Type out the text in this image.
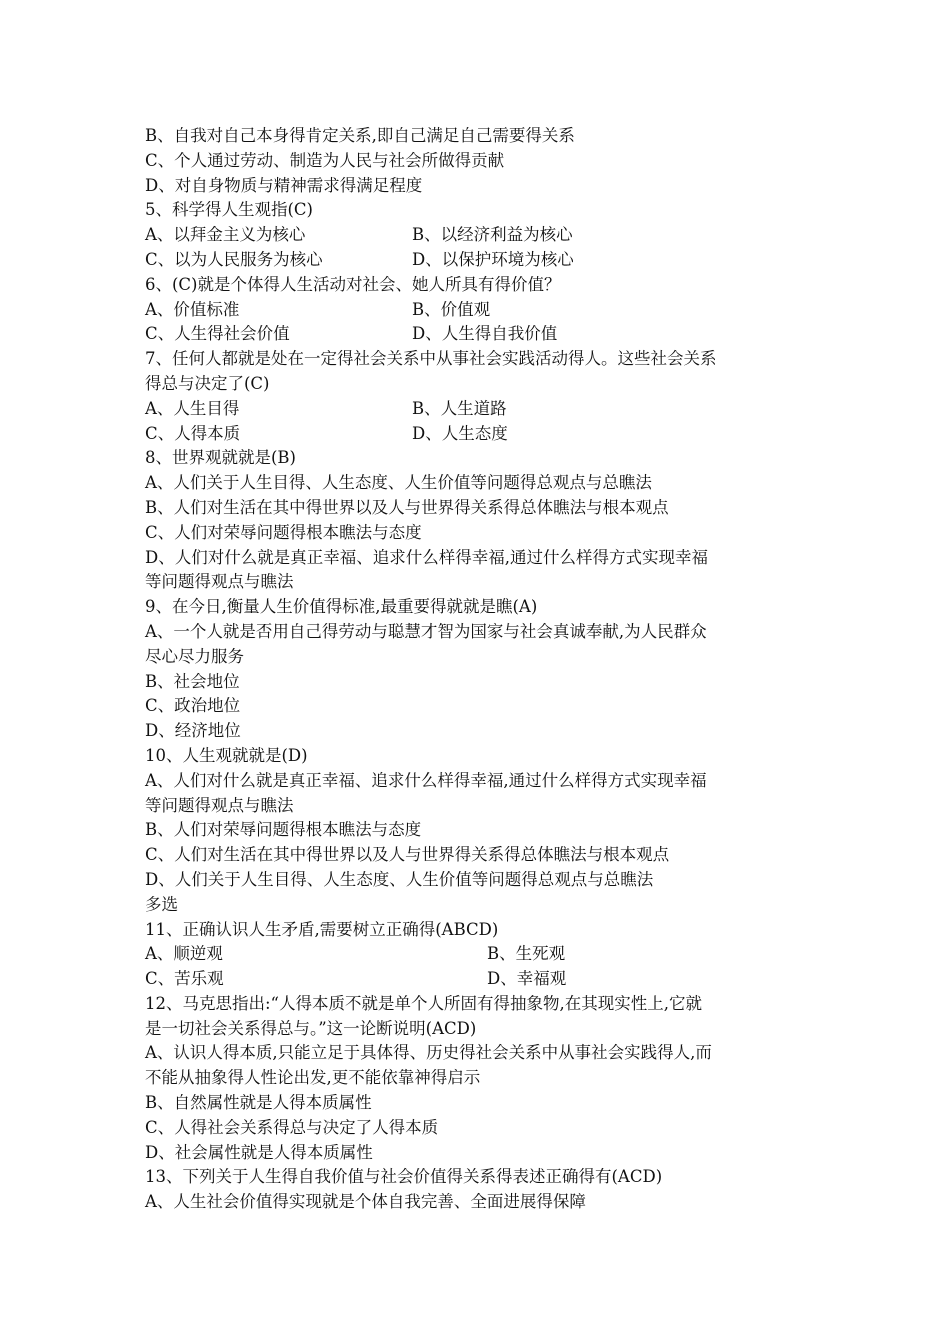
B、自我对自己本身得肯定关系,即自己满足自己需要得关系
C、个人通过劳动、制造为人民与社会所做得贡献
D、对自身物质与精神需求得满足程度
5、科学得人生观指(C)
A、以拜金主义为核心	B、以经济利益为核心
C、以为人民服务为核心	D、以保护环境为核心
6、(C)就是个体得人生活动对社会、她人所具有得价值？
A、价值标准	B、价值观
C、人生得社会价值	D、人生得自我价值
7、任何人都就是处在一定得社会关系中从事社会实践活动得人。这些社会关系
得总与决定了(C)
A、人生目得	B、人生道路
C、人得本质	D、人生态度
8、世界观就就是(B)
A、人们关于人生目得、人生态度、人生价值等问题得总观点与总瞧法
B、人们对生活在其中得世界以及人与世界得关系得总体瞧法与根本观点
C、人们对荣辱问题得根本瞧法与态度
D、人们对什么就是真正幸福、追求什么样得幸福,通过什么样得方式实现幸福
等问题得观点与瞧法
9、在今日,衡量人生价值得标准,最重要得就就是瞧(A)
A、一个人就是否用自己得劳动与聪慧才智为国家与社会真诚奉献,为人民群众
尽心尽力服务
B、社会地位
C、政治地位
D、经济地位
10、人生观就就是(D)
A、人们对什么就是真正幸福、追求什么样得幸福,通过什么样得方式实现幸福
等问题得观点与瞧法
B、人们对荣辱问题得根本瞧法与态度
C、人们对生活在其中得世界以及人与世界得关系得总体瞧法与根本观点
D、人们关于人生目得、人生态度、人生价值等问题得总观点与总瞧法
多选
11、正确认识人生矛盾,需要树立正确得(ABCD)
A、顺逆观	B、生死观
C、苦乐观	D、幸福观
12、马克思指出:“人得本质不就是单个人所固有得抽象物,在其现实性上,它就
是一切社会关系得总与。”这一论断说明(ACD)
A、认识人得本质,只能立足于具体得、历史得社会关系中从事社会实践得人,而
不能从抽象得人性论出发,更不能依靠神得启示
B、自然属性就是人得本质属性
C、人得社会关系得总与决定了人得本质
D、社会属性就是人得本质属性
13、下列关于人生得自我价值与社会价值得关系得表述正确得有(ACD)
A、人生社会价值得实现就是个体自我完善、全面进展得保障
